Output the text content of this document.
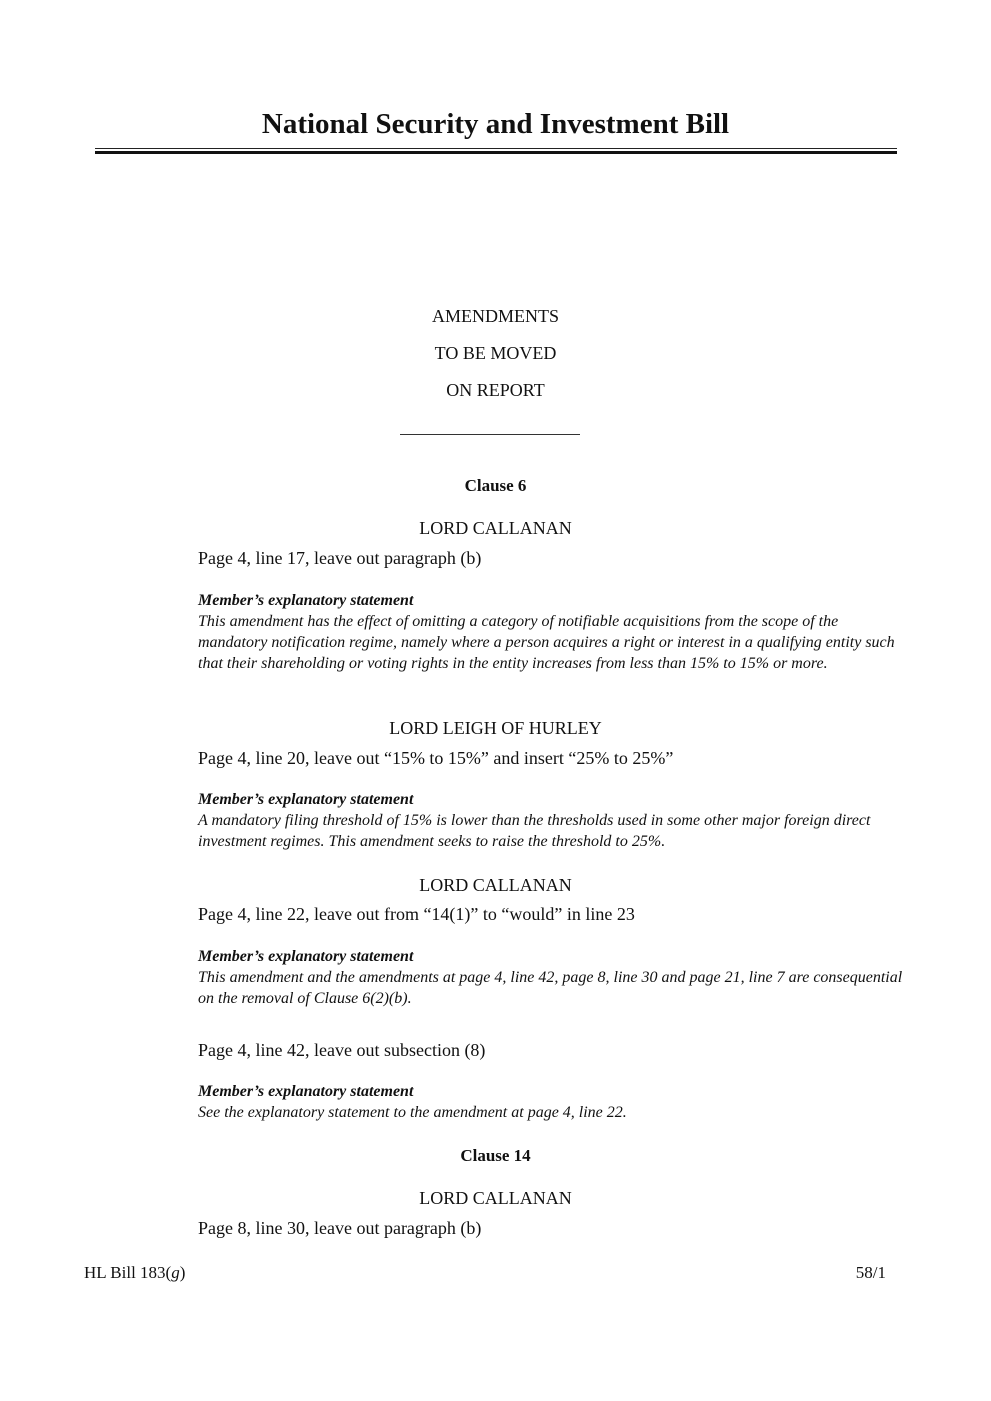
National Security and Investment Bill
AMENDMENTS
TO BE MOVED
ON REPORT
Clause 6
LORD CALLANAN
Page 4, line 17, leave out paragraph (b)
Member’s explanatory statement
This amendment has the effect of omitting a category of notifiable acquisitions from the scope of the mandatory notification regime, namely where a person acquires a right or interest in a qualifying entity such that their shareholding or voting rights in the entity increases from less than 15% to 15% or more.
LORD LEIGH OF HURLEY
Page 4, line 20, leave out “15% to 15%” and insert “25% to 25%”
Member’s explanatory statement
A mandatory filing threshold of 15% is lower than the thresholds used in some other major foreign direct investment regimes. This amendment seeks to raise the threshold to 25%.
LORD CALLANAN
Page 4, line 22, leave out from “14(1)” to “would” in line 23
Member’s explanatory statement
This amendment and the amendments at page 4, line 42, page 8, line 30 and page 21, line 7 are consequential on the removal of Clause 6(2)(b).
Page 4, line 42, leave out subsection (8)
Member’s explanatory statement
See the explanatory statement to the amendment at page 4, line 22.
Clause 14
LORD CALLANAN
Page 8, line 30, leave out paragraph (b)
HL Bill 183(g)	58/1
